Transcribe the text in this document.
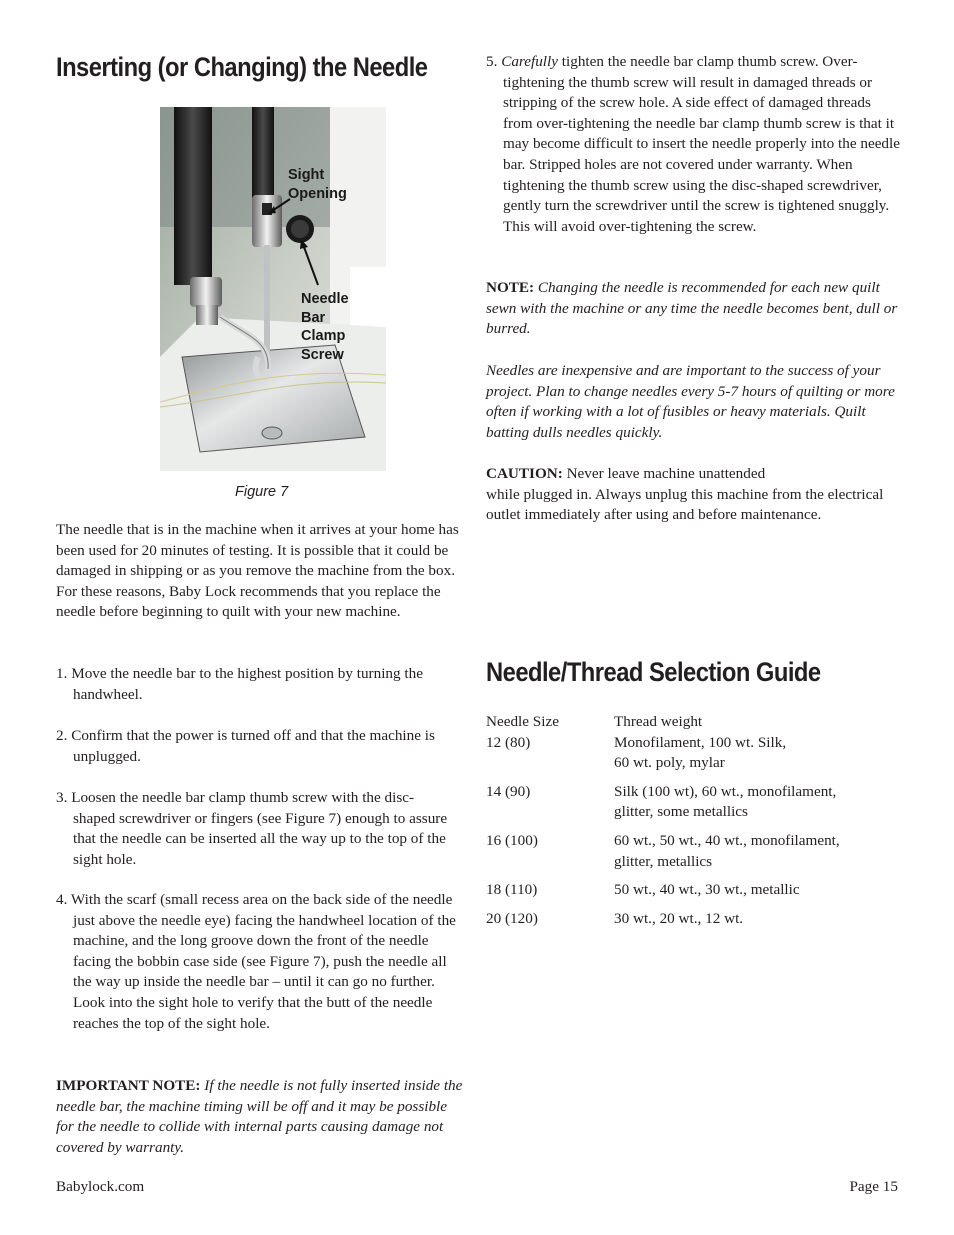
Inserting (or Changing) the Needle
Sight
Opening
Needle
Bar
Clamp
Screw
Figure 7

The needle that is in the machine when it arrives at your home has been used for 20 minutes of testing. It is possible that it could be damaged in shipping or as you remove the machine from the box. For these reasons, Baby Lock recommends that you replace the needle before beginning to quilt with your new machine.

1. Move the needle bar to the highest position by turning the handwheel.

2. Confirm that the power is turned off and that the machine is unplugged.

3. Loosen the needle bar clamp thumb screw with the disc-shaped screwdriver or fingers (see Figure 7) enough to assure that the needle can be inserted all the way up to the top of the sight hole.

4. With the scarf (small recess area on the back side of the needle just above the needle eye) facing the handwheel location of the machine, and the long groove down the front of the needle facing the bobbin case side (see Figure 7), push the needle all the way up inside the needle bar – until it can go no further. Look into the sight hole to verify that the butt of the needle reaches the top of the sight hole.

IMPORTANT NOTE: If the needle is not fully inserted inside the needle bar, the machine timing will be off and it may be possible for the needle to collide with internal parts causing damage not covered by warranty.

5. Carefully tighten the needle bar clamp thumb screw. Over-tightening the thumb screw will result in damaged threads or stripping of the screw hole. A side effect of damaged threads from over-tightening the needle bar clamp thumb screw is that it may become difficult to insert the needle properly into the needle bar. Stripped holes are not covered under warranty. When tightening the thumb screw using the disc-shaped screwdriver, gently turn the screwdriver until the screw is tightened snuggly. This will avoid over-tightening the screw.

NOTE: Changing the needle is recommended for each new quilt sewn with the machine or any time the needle becomes bent, dull or burred.

Needles are inexpensive and are important to the success of your project. Plan to change needles every 5-7 hours of quilting or more often if working with a lot of fusibles or heavy materials. Quilt batting dulls needles quickly.

CAUTION: Never leave machine unattended

while plugged in. Always unplug this machine from the electrical outlet immediately after using and before maintenance.

Needle/Thread Selection Guide
Needle Size	Thread weight
12 (80)	Monofilament, 100 wt. Silk,
60 wt. poly, mylar

14 (90)	Silk (100 wt), 60 wt., monofilament,
glitter, some metallics

16 (100)	60 wt., 50 wt., 40 wt., monofilament,
glitter, metallics

18 (110)	50 wt., 40 wt., 30 wt., metallic

20 (120)	30 wt., 20 wt., 12 wt.
Babylock.com	Page 15
